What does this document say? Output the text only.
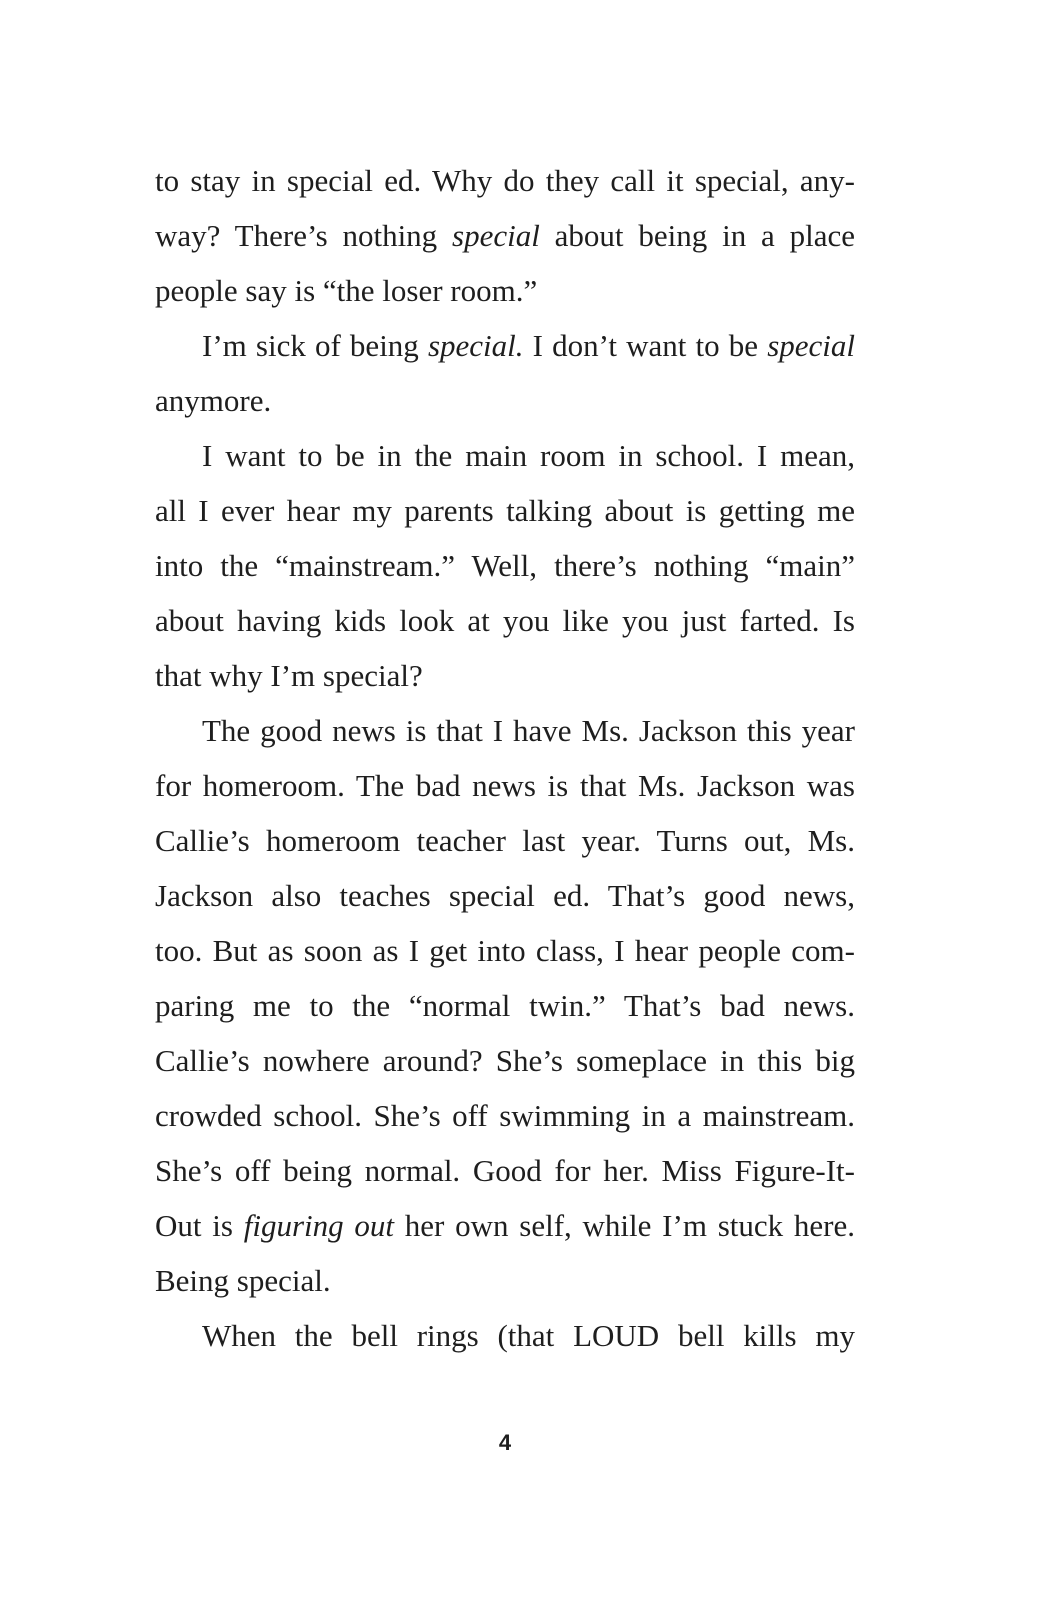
to stay in special ed. Why do they call it special, any-
way? There’s nothing special about being in a place
people say is “the loser room.”
I’m sick of being special. I don’t want to be special
anymore.
I want to be in the main room in school. I mean,
all I ever hear my parents talking about is getting me
into the “mainstream.” Well, there’s nothing “main”
about having kids look at you like you just farted. Is
that why I’m special?
The good news is that I have Ms. Jackson this year
for homeroom. The bad news is that Ms. Jackson was
Callie’s homeroom teacher last year. Turns out, Ms.
Jackson also teaches special ed. That’s good news,
too. But as soon as I get into class, I hear people com-
paring me to the “normal twin.” That’s bad news.
Callie’s nowhere around? She’s someplace in this big
crowded school. She’s off swimming in a mainstream.
She’s off being normal. Good for her. Miss Figure-It-
Out is figuring out her own self, while I’m stuck here.
Being special.
When the bell rings (that LOUD bell kills my
4
